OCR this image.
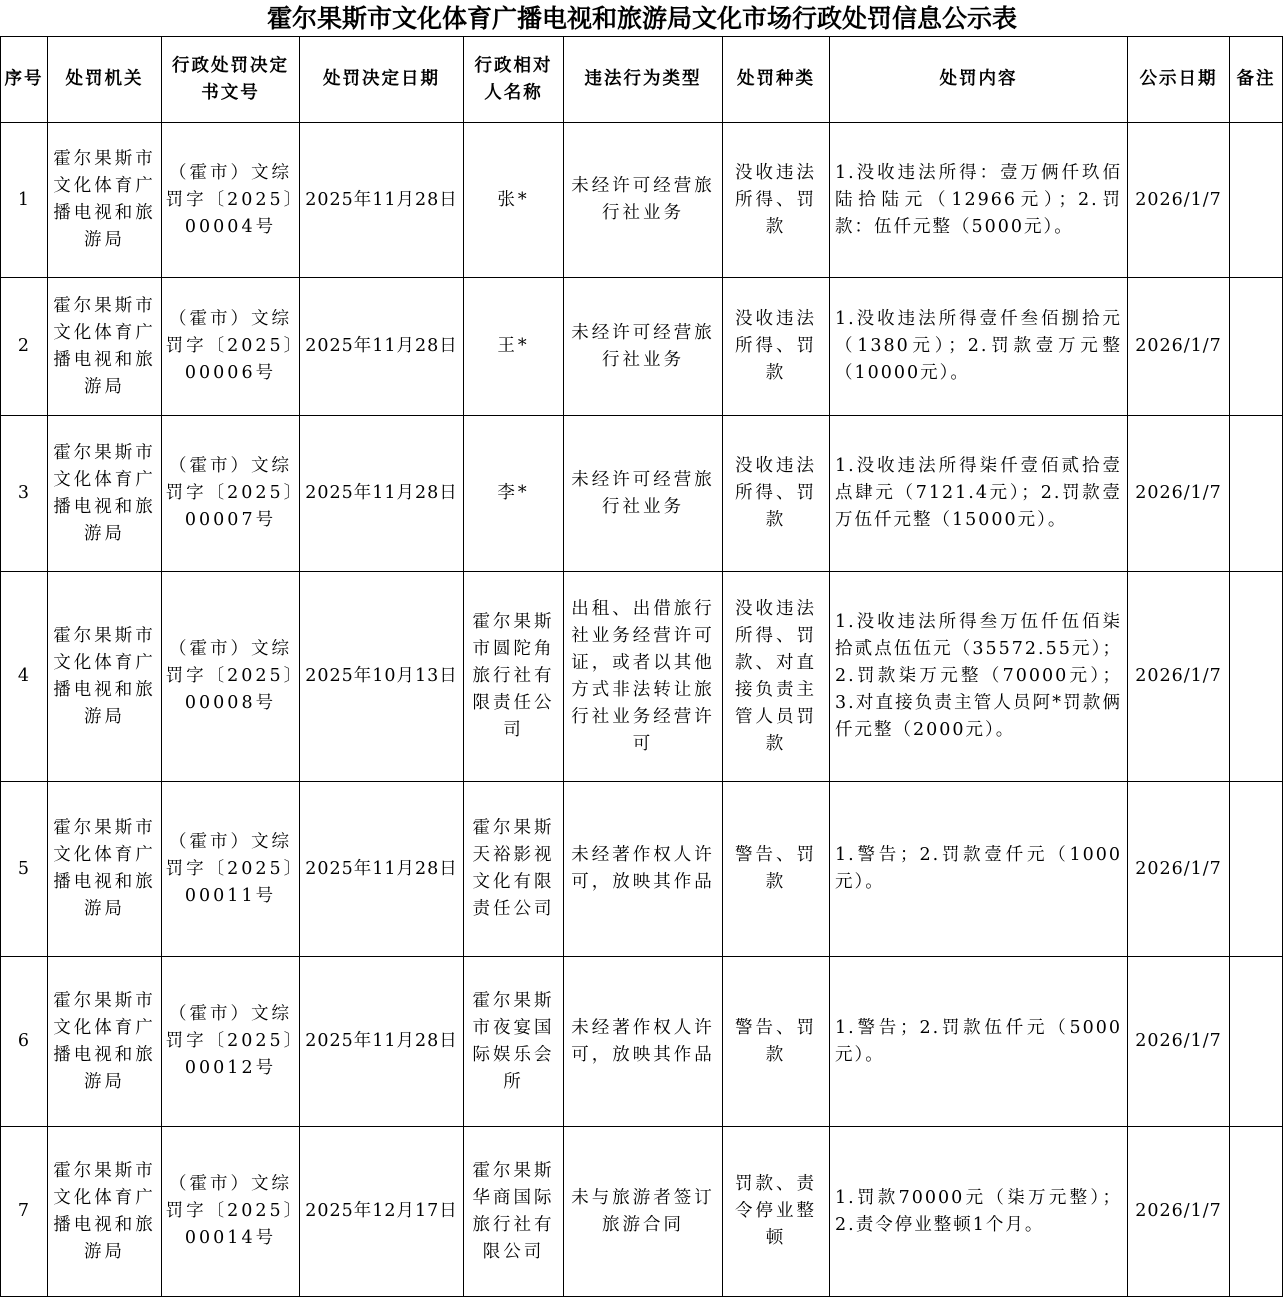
霍尔果斯市文化体育广播电视和旅游局文化市场行政处罚信息公示表
序号	处罚机关	行政处罚决定书文号	处罚决定日期	行政相对人名称	违法行为类型	处罚种类	处罚内容	公示日期	备注
1	霍尔果斯市文化体育广播电视和旅游局	（霍市）文综罚字〔2025〕00004号	2025年11月28日	张*	未经许可经营旅行社业务	没收违法所得、罚款	1.没收违法所得：壹万俩仟玖佰陆拾陆元（12966元）；2.罚款：伍仟元整（5000元）。	2026/1/7	
2	霍尔果斯市文化体育广播电视和旅游局	（霍市）文综罚字〔2025〕00006号	2025年11月28日	王*	未经许可经营旅行社业务	没收违法所得、罚款	1.没收违法所得壹仟叁佰捌拾元（1380元）；2.罚款壹万元整（10000元）。	2026/1/7	
3	霍尔果斯市文化体育广播电视和旅游局	（霍市）文综罚字〔2025〕00007号	2025年11月28日	李*	未经许可经营旅行社业务	没收违法所得、罚款	1.没收违法所得柒仟壹佰贰拾壹点肆元（7121.4元）；2.罚款壹万伍仟元整（15000元）。	2026/1/7	
4	霍尔果斯市文化体育广播电视和旅游局	（霍市）文综罚字〔2025〕00008号	2025年10月13日	霍尔果斯市圆陀角旅行社有限责任公司	出租、出借旅行社业务经营许可证，或者以其他方式非法转让旅行社业务经营许可	没收违法所得、罚款、对直接负责主管人员罚款	1.没收违法所得叁万伍仟伍佰柒拾贰点伍伍元（35572.55元）；2.罚款柒万元整（70000元）；3.对直接负责主管人员阿*罚款俩仟元整（2000元）。	2026/1/7	
5	霍尔果斯市文化体育广播电视和旅游局	（霍市）文综罚字〔2025〕00011号	2025年11月28日	霍尔果斯天裕影视文化有限责任公司	未经著作权人许可，放映其作品	警告、罚款	1.警告；2.罚款壹仟元（1000元）。	2026/1/7	
6	霍尔果斯市文化体育广播电视和旅游局	（霍市）文综罚字〔2025〕00012号	2025年11月28日	霍尔果斯市夜宴国际娱乐会所	未经著作权人许可，放映其作品	警告、罚款	1.警告；2.罚款伍仟元（5000元）。	2026/1/7	
7	霍尔果斯市文化体育广播电视和旅游局	（霍市）文综罚字〔2025〕00014号	2025年12月17日	霍尔果斯华商国际旅行社有限公司	未与旅游者签订旅游合同	罚款、责令停业整顿	1.罚款70000元（柒万元整）；2.责令停业整顿1个月。	2026/1/7	
